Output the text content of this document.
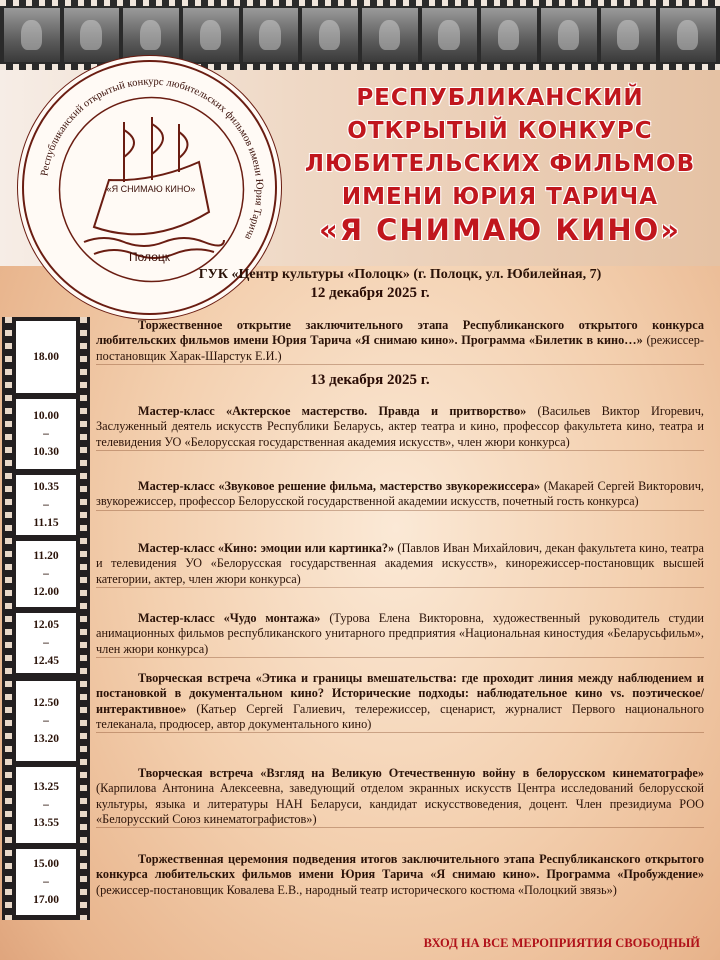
Республиканский открытый конкурс любительских фильмов имени Юрия Тарича
«Я СНИМАЮ КИНО»
Полоцк
РЕСПУБЛИКАНСКИЙ
ОТКРЫТЫЙ КОНКУРС
ЛЮБИТЕЛЬСКИХ ФИЛЬМОВ
ИМЕНИ ЮРИЯ ТАРИЧА
«Я СНИМАЮ КИНО»
ГУК «Центр культуры «Полоцк» (г. Полоцк, ул. Юбилейная, 7)
12 декабря 2025 г.
13 декабря 2025 г.
18.00
10.00
–
10.30
10.35
–
11.15
11.20
–
12.00
12.05
–
12.45
12.50
–
13.20
13.25
–
13.55
15.00
–
17.00
Торжественное открытие заключительного этапа Республиканского открытого конкурса любительских фильмов имени Юрия Тарича «Я снимаю кино». Программа «Билетик в кино…» (режиссер-постановщик Харак-Шарстук Е.И.)
Мастер-класс «Актерское мастерство. Правда и притворство» (Васильев Виктор Игоревич, Заслуженный деятель искусств Республики Беларусь, актер театра и кино, профессор факультета кино, театра и телевидения УО «Белорусская государственная академия искусств», член жюри конкурса)
Мастер-класс «Звуковое решение фильма, мастерство звукорежиссера» (Макарей Сергей Викторович, звукорежиссер, профессор Белорусской государственной академии искусств, почетный гость конкурса)
Мастер-класс «Кино: эмоции или картинка?» (Павлов Иван Михайлович, декан факультета кино, театра и телевидения УО «Белорусская государственная академия искусств», кинорежиссер-постановщик высшей категории, актер, член жюри конкурса)
Мастер-класс «Чудо монтажа» (Турова Елена Викторовна, художественный руководитель студии анимационных фильмов республиканского унитарного предприятия «Национальная киностудия «Беларусьфильм», член жюри конкурса)
Творческая встреча «Этика и границы вмешательства: где проходит линия между наблюдением и постановкой в документальном кино? Исторические подходы: наблюдательное кино vs. поэтическое/интерактивное» (Катьер Сергей Галиевич, телережиссер, сценарист, журналист Первого национального телеканала, продюсер, автор документального кино)
Творческая встреча «Взгляд на Великую Отечественную войну в белорусском кинематографе» (Карпилова Антонина Алексеевна, заведующий отделом экранных искусств Центра исследований белорусской культуры, языка и литературы НАН Беларуси, кандидат искусствоведения, доцент. Член президиума РОО «Белорусский Союз кинематографистов»)
Торжественная церемония подведения итогов заключительного этапа Республиканского открытого конкурса любительских фильмов имени Юрия Тарича «Я снимаю кино». Программа «Пробуждение» (режиссер-постановщик Ковалева Е.В., народный театр исторического костюма «Полоцкий звязь»)
ВХОД НА ВСЕ МЕРОПРИЯТИЯ СВОБОДНЫЙ
